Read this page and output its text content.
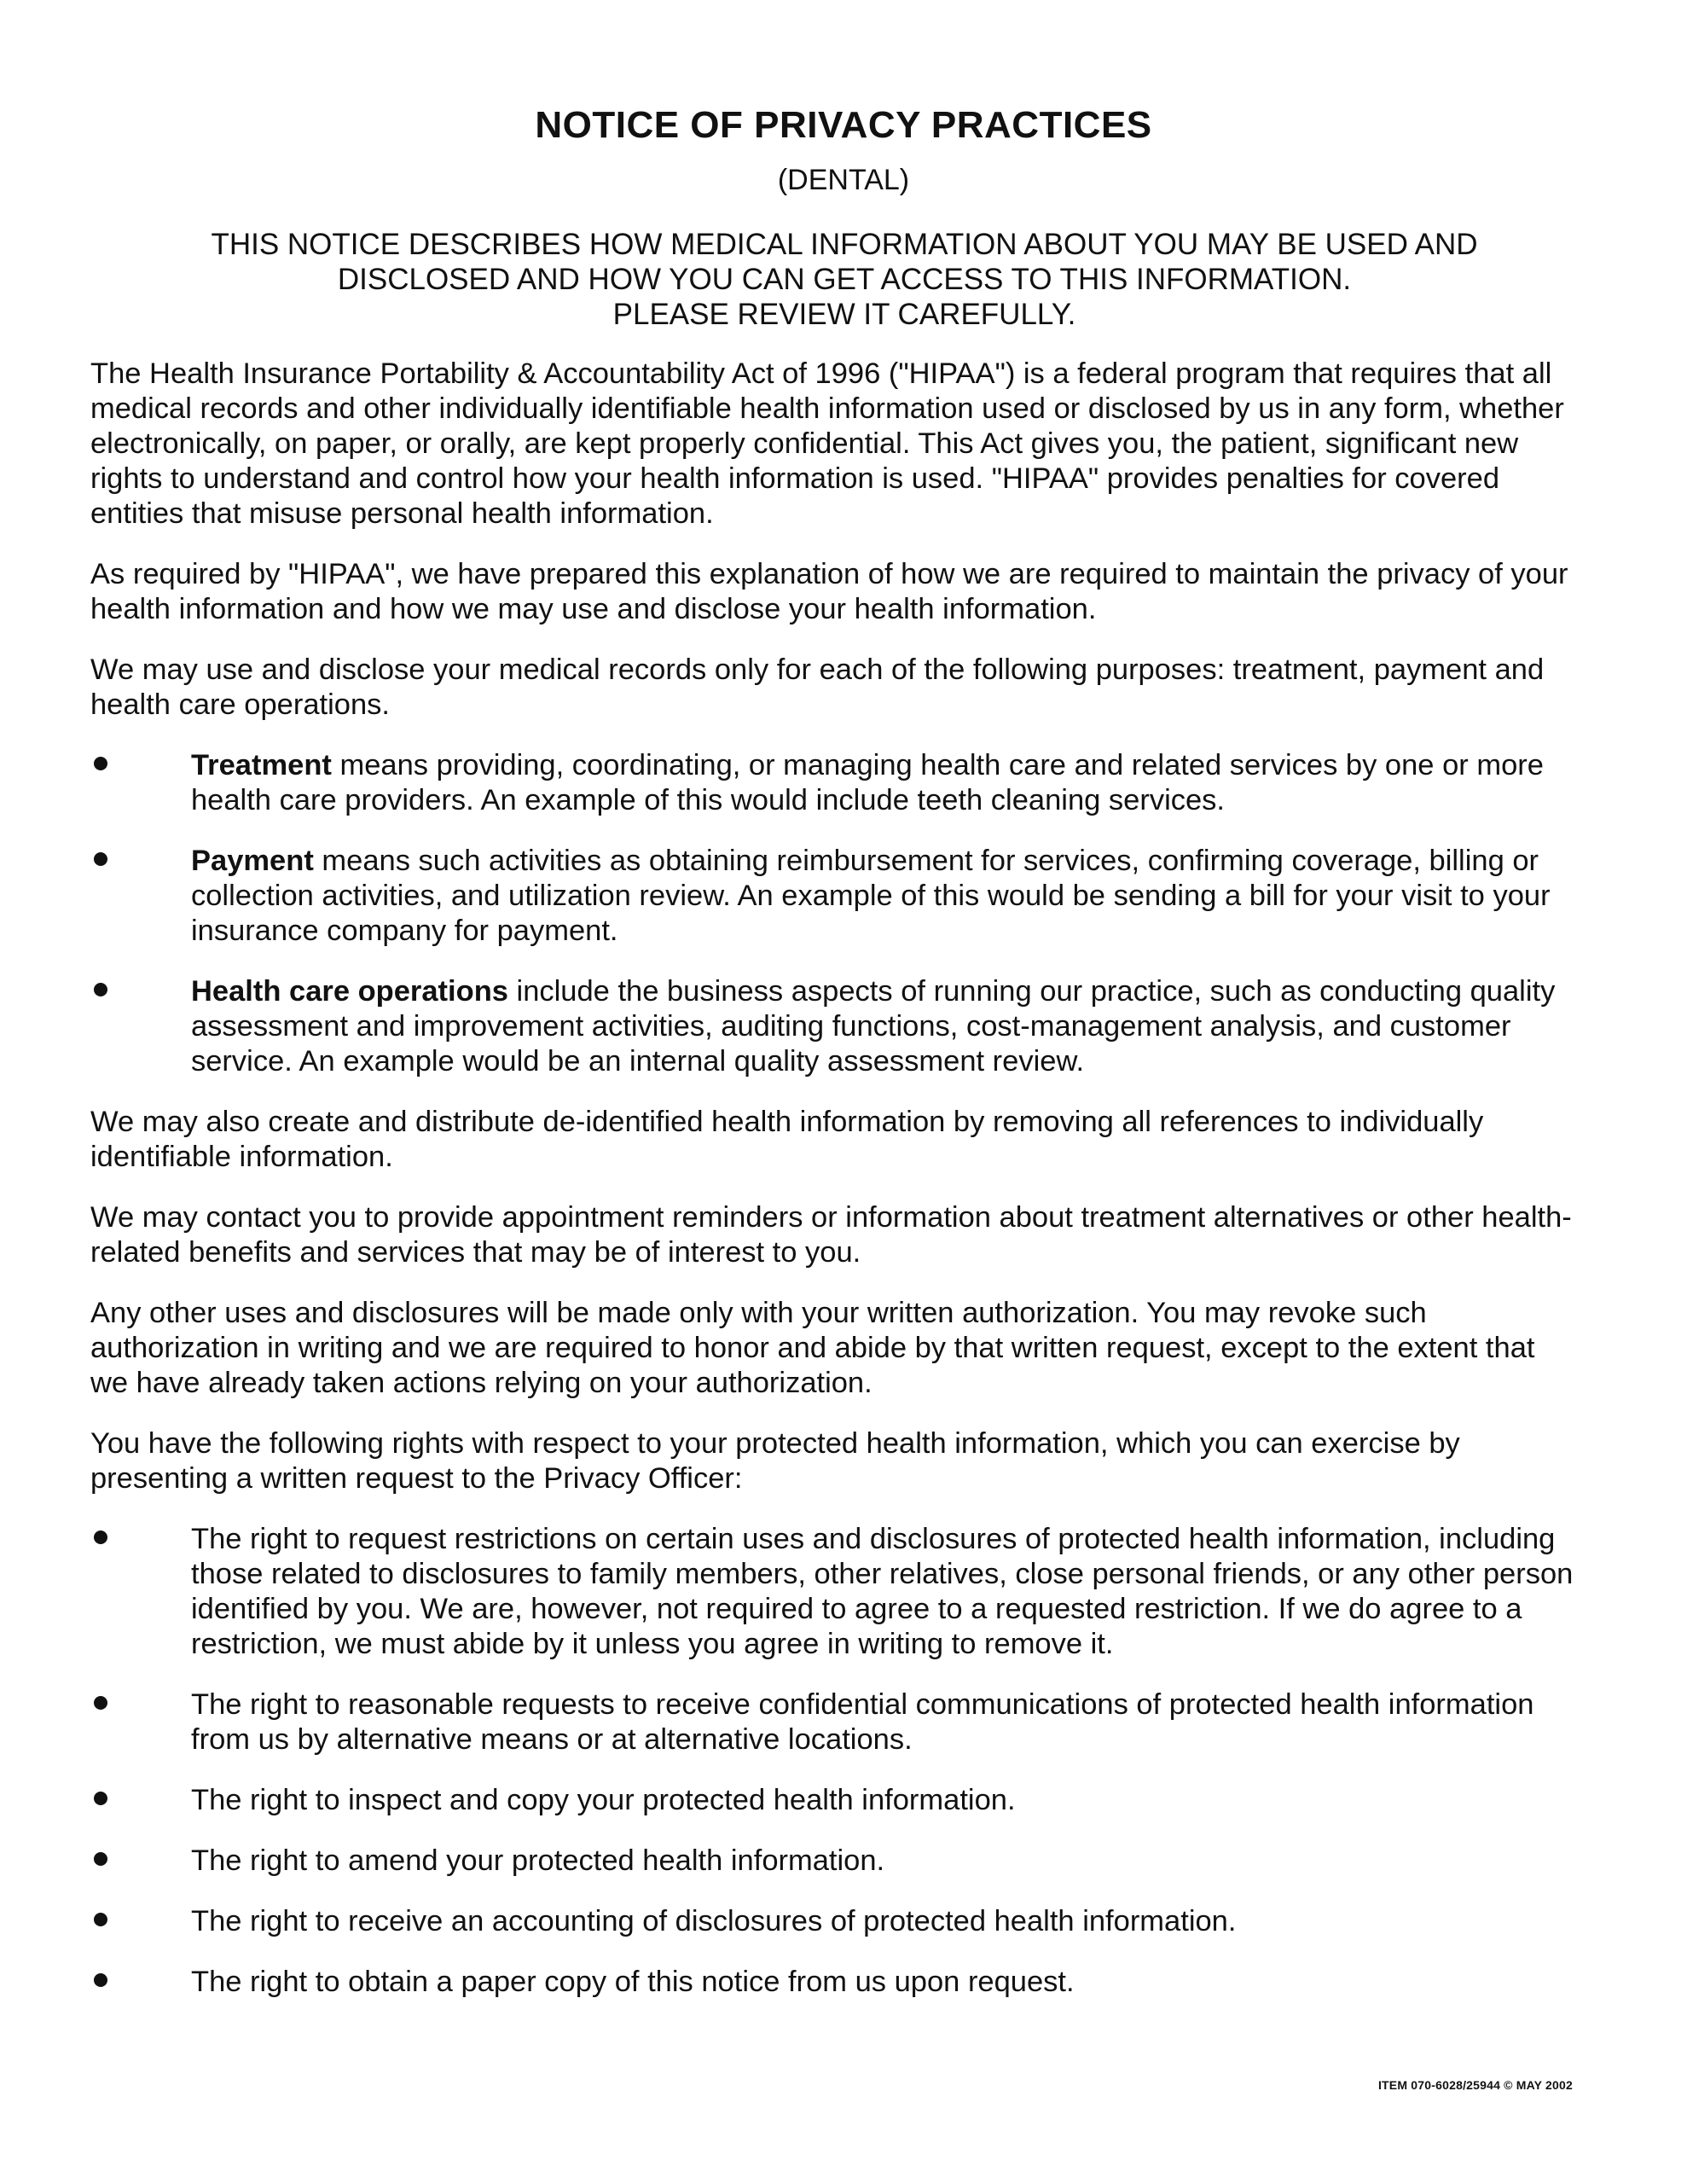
NOTICE OF PRIVACY PRACTICES
(DENTAL)
THIS NOTICE DESCRIBES HOW MEDICAL INFORMATION ABOUT YOU MAY BE USED AND
DISCLOSED AND HOW YOU CAN GET ACCESS TO THIS INFORMATION.
PLEASE REVIEW IT CAREFULLY.

The Health Insurance Portability & Accountability Act of 1996 ("HIPAA") is a federal program that requires that all medical records and other individually identifiable health information used or disclosed by us in any form, whether electronically, on paper, or orally, are kept properly confidential. This Act gives you, the patient, significant new rights to understand and control how your health information is used. "HIPAA" provides penalties for covered entities that misuse personal health information.

As required by "HIPAA", we have prepared this explanation of how we are required to maintain the privacy of your health information and how we may use and disclose your health information.

We may use and disclose your medical records only for each of the following purposes: treatment, payment and health care operations.

Treatment means providing, coordinating, or managing health care and related services by one or more health care providers. An example of this would include teeth cleaning services.
Payment means such activities as obtaining reimbursement for services, confirming coverage, billing or collection activities, and utilization review. An example of this would be sending a bill for your visit to your insurance company for payment.
Health care operations include the business aspects of running our practice, such as conducting quality assessment and improvement activities, auditing functions, cost-management analysis, and customer service. An example would be an internal quality assessment review.

We may also create and distribute de-identified health information by removing all references to individually identifiable information.

We may contact you to provide appointment reminders or information about treatment alternatives or other health-related benefits and services that may be of interest to you.

Any other uses and disclosures will be made only with your written authorization. You may revoke such authorization in writing and we are required to honor and abide by that written request, except to the extent that we have already taken actions relying on your authorization.

You have the following rights with respect to your protected health information, which you can exercise by presenting a written request to the Privacy Officer:

The right to request restrictions on certain uses and disclosures of protected health information, including those related to disclosures to family members, other relatives, close personal friends, or any other person identified by you. We are, however, not required to agree to a requested restriction. If we do agree to a restriction, we must abide by it unless you agree in writing to remove it.
The right to reasonable requests to receive confidential communications of protected health information from us by alternative means or at alternative locations.
The right to inspect and copy your protected health information.
The right to amend your protected health information.
The right to receive an accounting of disclosures of protected health information.
The right to obtain a paper copy of this notice from us upon request.
ITEM 070-6028/25944 © MAY 2002
